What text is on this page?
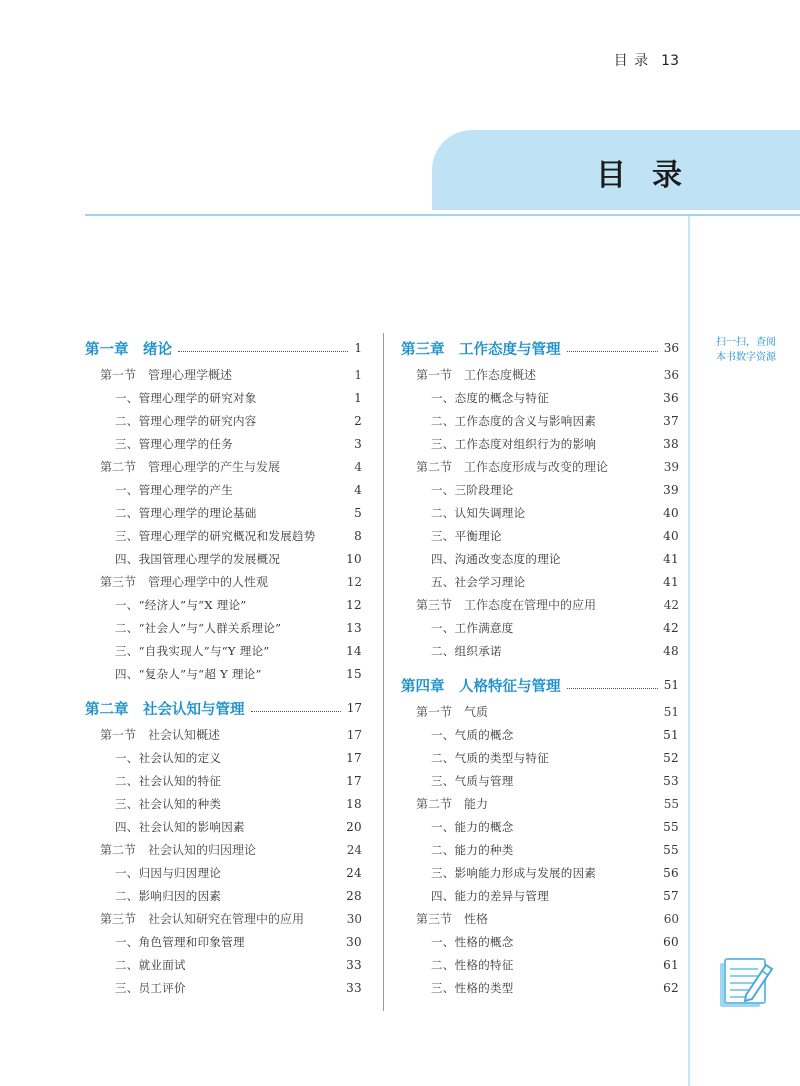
目 录 13
目录
第一章　绪论	1
第一节　管理心理学概述	1
一、管理心理学的研究对象	1
二、管理心理学的研究内容	2
三、管理心理学的任务	3
第二节　管理心理学的产生与发展	4
一、管理心理学的产生	4
二、管理心理学的理论基础	5
三、管理心理学的研究概况和发展趋势	8
四、我国管理心理学的发展概况	10
第三节　管理心理学中的人性观	12
一、“经济人”与“X 理论”	12
二、“社会人”与“人群关系理论”	13
三、“自我实现人”与“Y 理论”	14
四、“复杂人”与“超 Y 理论”	15
第二章　社会认知与管理	17
第一节　社会认知概述	17
一、社会认知的定义	17
二、社会认知的特征	17
三、社会认知的种类	18
四、社会认知的影响因素	20
第二节　社会认知的归因理论	24
一、归因与归因理论	24
二、影响归因的因素	28
第三节　社会认知研究在管理中的应用	30
一、角色管理和印象管理	30
二、就业面试	33
三、员工评价	33
第三章　工作态度与管理	36
第一节　工作态度概述	36
一、态度的概念与特征	36
二、工作态度的含义与影响因素	37
三、工作态度对组织行为的影响	38
第二节　工作态度形成与改变的理论	39
一、三阶段理论	39
二、认知失调理论	40
三、平衡理论	40
四、沟通改变态度的理论	41
五、社会学习理论	41
第三节　工作态度在管理中的应用	42
一、工作满意度	42
二、组织承诺	48
第四章　人格特征与管理	51
第一节　气质	51
一、气质的概念	51
二、气质的类型与特征	52
三、气质与管理	53
第二节　能力	55
一、能力的概念	55
二、能力的种类	55
三、影响能力形成与发展的因素	56
四、能力的差异与管理	57
第三节　性格	60
一、性格的概念	60
二、性格的特征	61
三、性格的类型	62
扫一扫，查阅
本书数字资源
